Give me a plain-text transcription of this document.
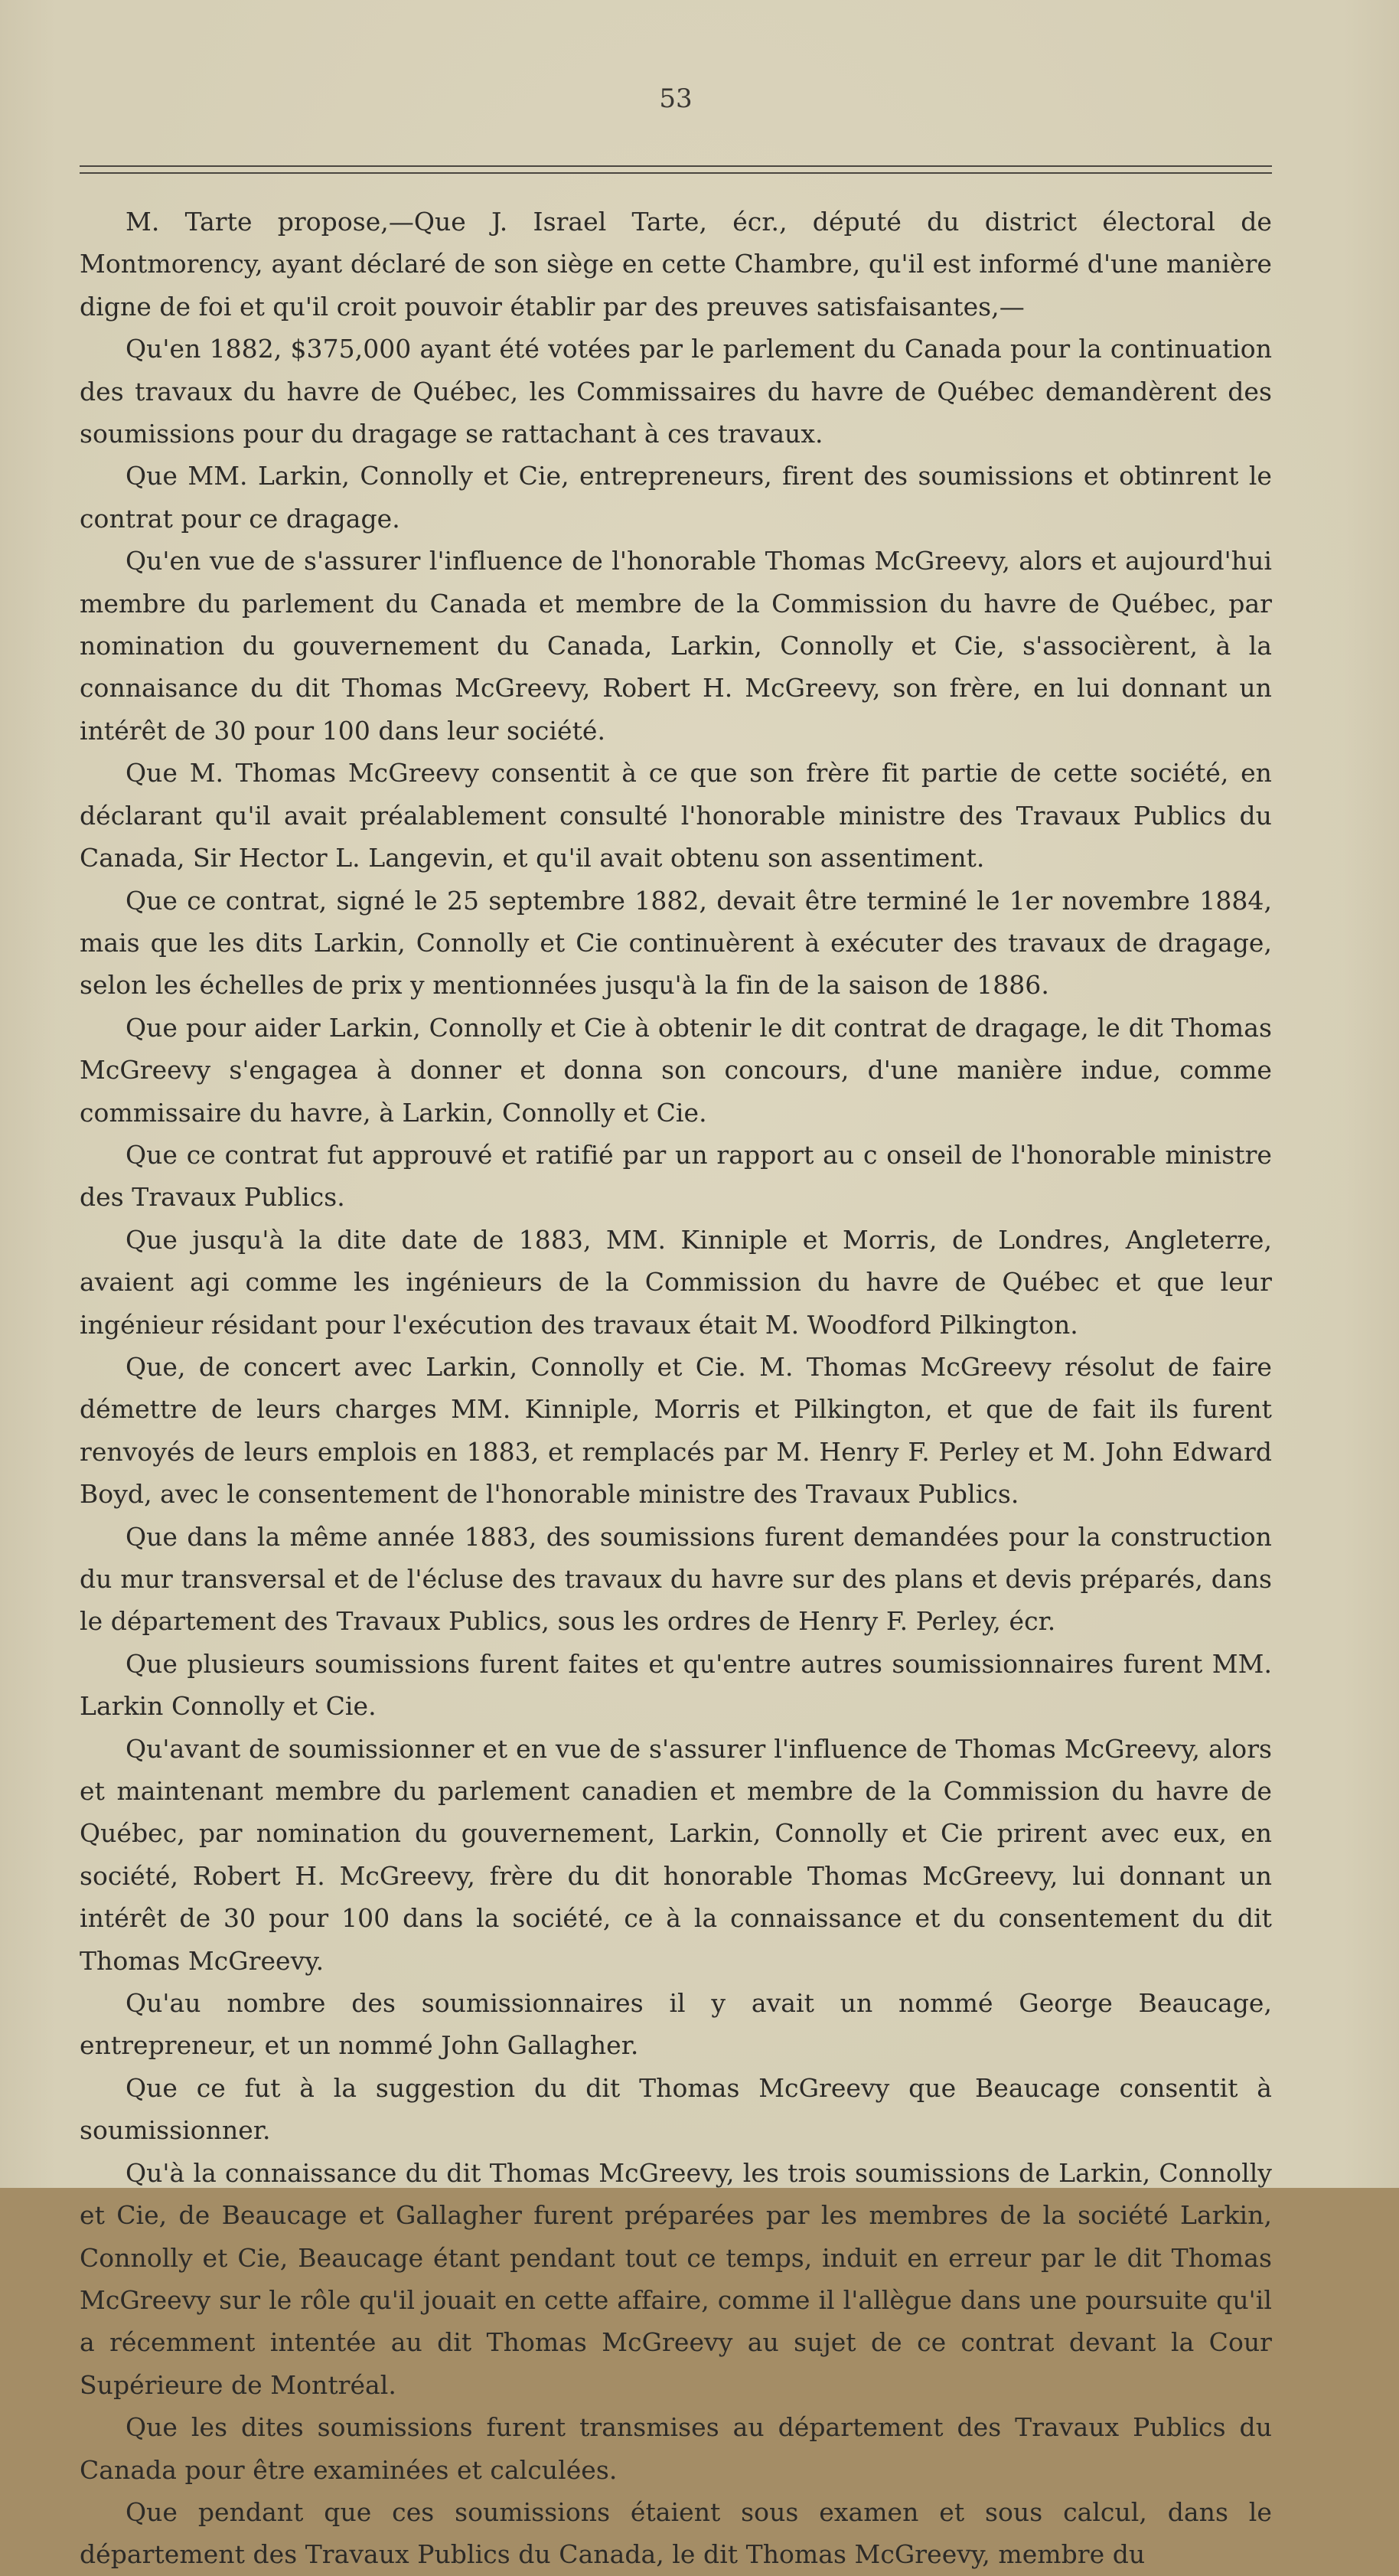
53

M. Tarte propose,—Que J. Israel Tarte, écr., député du district électoral de Montmorency, ayant déclaré de son siège en cette Chambre, qu'il est informé d'une manière digne de foi et qu'il croit pouvoir établir par des preuves satisfaisantes,—

Qu'en 1882, $375,000 ayant été votées par le parlement du Canada pour la continuation des travaux du havre de Québec, les Commissaires du havre de Québec demandèrent des soumissions pour du dragage se rattachant à ces travaux.

Que MM. Larkin, Connolly et Cie, entrepreneurs, firent des soumissions et obtinrent le contrat pour ce dragage.

Qu'en vue de s'assurer l'influence de l'honorable Thomas McGreevy, alors et aujourd'hui membre du parlement du Canada et membre de la Commission du havre de Québec, par nomination du gouvernement du Canada, Larkin, Connolly et Cie, s'associèrent, à la connaisance du dit Thomas McGreevy, Robert H. McGreevy, son frère, en lui donnant un intérêt de 30 pour 100 dans leur société.

Que M. Thomas McGreevy consentit à ce que son frère fit partie de cette société, en déclarant qu'il avait préalablement consulté l'honorable ministre des Travaux Publics du Canada, Sir Hector L. Langevin, et qu'il avait obtenu son assentiment.

Que ce contrat, signé le 25 septembre 1882, devait être terminé le 1er novembre 1884, mais que les dits Larkin, Connolly et Cie continuèrent à exécuter des travaux de dragage, selon les échelles de prix y mentionnées jusqu'à la fin de la saison de 1886.

Que pour aider Larkin, Connolly et Cie à obtenir le dit contrat de dragage, le dit Thomas McGreevy s'engagea à donner et donna son concours, d'une manière indue, comme commissaire du havre, à Larkin, Connolly et Cie.

Que ce contrat fut approuvé et ratifié par un rapport au c onseil de l'honorable ministre des Travaux Publics.

Que jusqu'à la dite date de 1883, MM. Kinniple et Morris, de Londres, Angleterre, avaient agi comme les ingénieurs de la Commission du havre de Québec et que leur ingénieur résidant pour l'exécution des travaux était M. Woodford Pilkington.

Que, de concert avec Larkin, Connolly et Cie. M. Thomas McGreevy résolut de faire démettre de leurs charges MM. Kinniple, Morris et Pilkington, et que de fait ils furent renvoyés de leurs emplois en 1883, et remplacés par M. Henry F. Perley et M. John Edward Boyd, avec le consentement de l'honorable ministre des Travaux Publics.

Que dans la même année 1883, des soumissions furent demandées pour la construction du mur transversal et de l'écluse des travaux du havre sur des plans et devis préparés, dans le département des Travaux Publics, sous les ordres de Henry F. Perley, écr.

Que plusieurs soumissions furent faites et qu'entre autres soumissionnaires furent MM. Larkin Connolly et Cie.

Qu'avant de soumissionner et en vue de s'assurer l'influence de Thomas McGreevy, alors et maintenant membre du parlement canadien et membre de la Commission du havre de Québec, par nomination du gouvernement, Larkin, Connolly et Cie prirent avec eux, en société, Robert H. McGreevy, frère du dit honorable Thomas McGreevy, lui donnant un intérêt de 30 pour 100 dans la société, ce à la connaissance et du consentement du dit Thomas McGreevy.

Qu'au nombre des soumissionnaires il y avait un nommé George Beaucage, entrepreneur, et un nommé John Gallagher.

Que ce fut à la suggestion du dit Thomas McGreevy que Beaucage consentit à soumissionner.

Qu'à la connaissance du dit Thomas McGreevy, les trois soumissions de Larkin, Connolly et Cie, de Beaucage et Gallagher furent préparées par les membres de la société Larkin, Connolly et Cie, Beaucage étant pendant tout ce temps, induit en erreur par le dit Thomas McGreevy sur le rôle qu'il jouait en cette affaire, comme il l'allègue dans une poursuite qu'il a récemment intentée au dit Thomas McGreevy au sujet de ce contrat devant la Cour Supérieure de Montréal.

Que les dites soumissions furent transmises au département des Travaux Publics du Canada pour être examinées et calculées.

Que pendant que ces soumissions étaient sous examen et sous calcul, dans le département des Travaux Publics du Canada, le dit Thomas McGreevy, membre du
